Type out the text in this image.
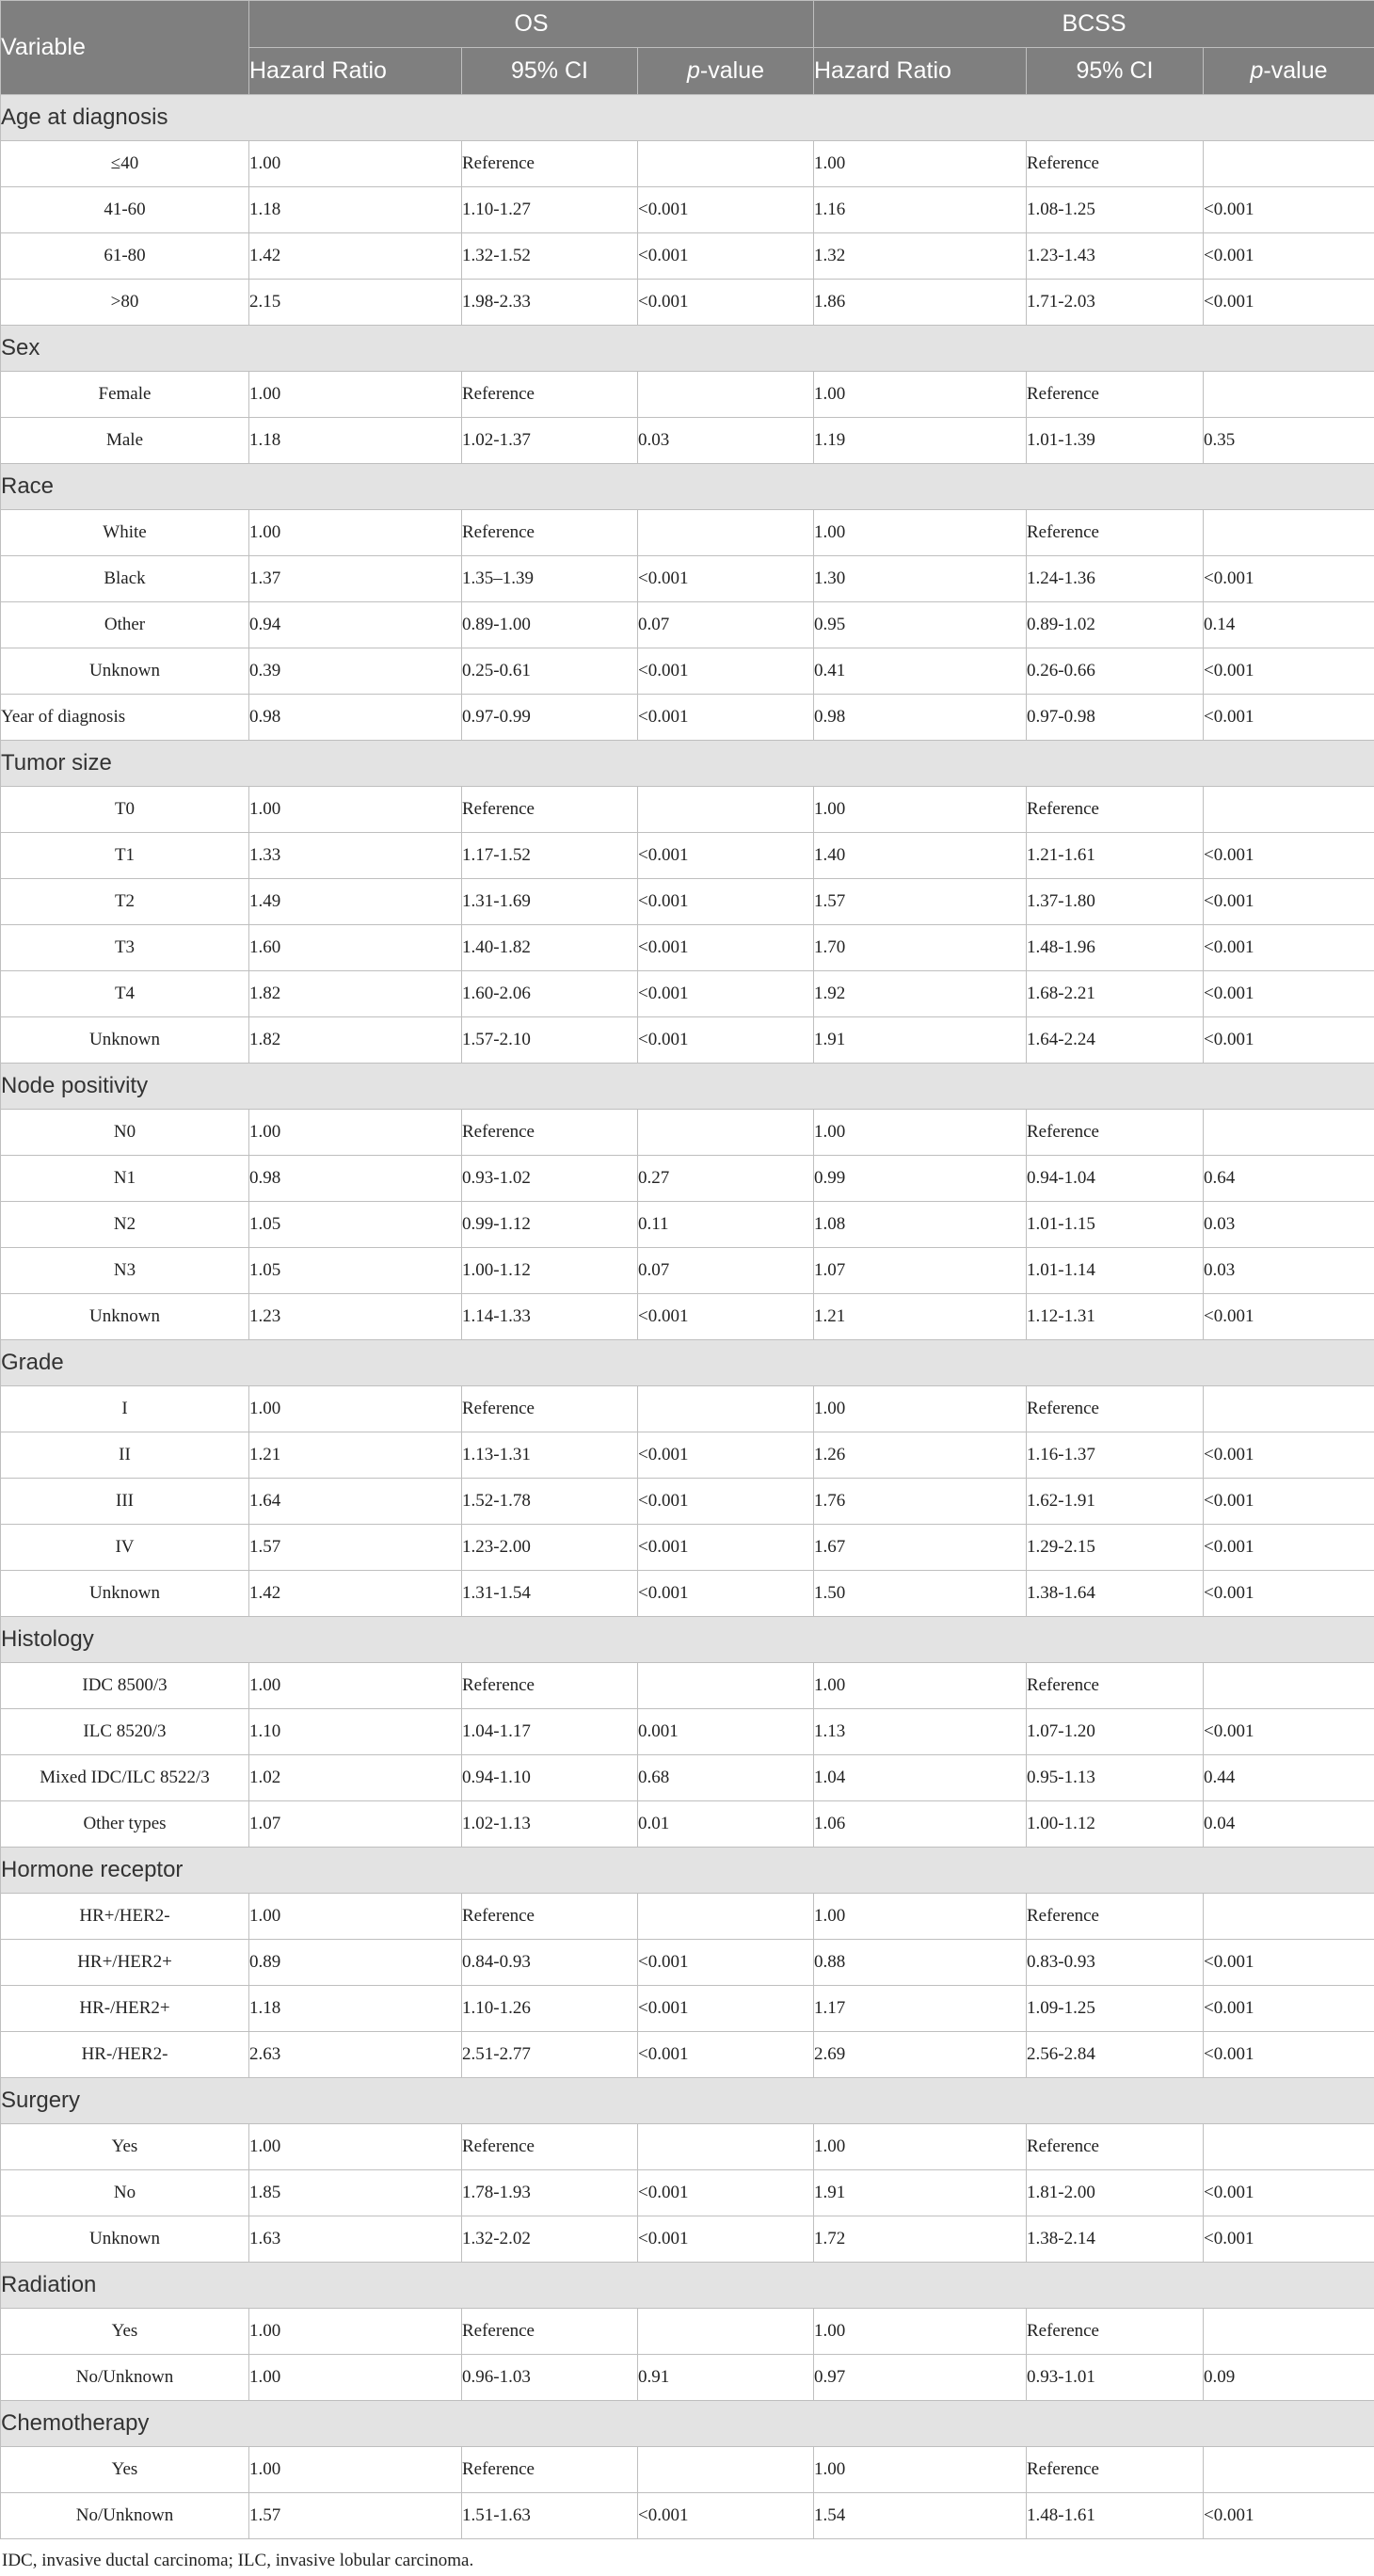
Variable	OS			BCSS		
	Hazard Ratio	95% CI	p-value	Hazard Ratio	95% CI	p-value
Age at diagnosis						
≤40	1.00	Reference		1.00	Reference	
41-60	1.18	1.10-1.27	<0.001	1.16	1.08-1.25	<0.001
61-80	1.42	1.32-1.52	<0.001	1.32	1.23-1.43	<0.001
>80	2.15	1.98-2.33	<0.001	1.86	1.71-2.03	<0.001
Sex						
Female	1.00	Reference		1.00	Reference	
Male	1.18	1.02-1.37	0.03	1.19	1.01-1.39	0.35
Race						
White	1.00	Reference		1.00	Reference	
Black	1.37	1.35–1.39	<0.001	1.30	1.24-1.36	<0.001
Other	0.94	0.89-1.00	0.07	0.95	0.89-1.02	0.14
Unknown	0.39	0.25-0.61	<0.001	0.41	0.26-0.66	<0.001
Year of diagnosis	0.98	0.97-0.99	<0.001	0.98	0.97-0.98	<0.001
Tumor size						
T0	1.00	Reference		1.00	Reference	
T1	1.33	1.17-1.52	<0.001	1.40	1.21-1.61	<0.001
T2	1.49	1.31-1.69	<0.001	1.57	1.37-1.80	<0.001
T3	1.60	1.40-1.82	<0.001	1.70	1.48-1.96	<0.001
T4	1.82	1.60-2.06	<0.001	1.92	1.68-2.21	<0.001
Unknown	1.82	1.57-2.10	<0.001	1.91	1.64-2.24	<0.001
Node positivity						
N0	1.00	Reference		1.00	Reference	
N1	0.98	0.93-1.02	0.27	0.99	0.94-1.04	0.64
N2	1.05	0.99-1.12	0.11	1.08	1.01-1.15	0.03
N3	1.05	1.00-1.12	0.07	1.07	1.01-1.14	0.03
Unknown	1.23	1.14-1.33	<0.001	1.21	1.12-1.31	<0.001
Grade						
I	1.00	Reference		1.00	Reference	
II	1.21	1.13-1.31	<0.001	1.26	1.16-1.37	<0.001
III	1.64	1.52-1.78	<0.001	1.76	1.62-1.91	<0.001
IV	1.57	1.23-2.00	<0.001	1.67	1.29-2.15	<0.001
Unknown	1.42	1.31-1.54	<0.001	1.50	1.38-1.64	<0.001
Histology						
IDC 8500/3	1.00	Reference		1.00	Reference	
ILC 8520/3	1.10	1.04-1.17	0.001	1.13	1.07-1.20	<0.001
Mixed IDC/ILC 8522/3	1.02	0.94-1.10	0.68	1.04	0.95-1.13	0.44
Other types	1.07	1.02-1.13	0.01	1.06	1.00-1.12	0.04
Hormone receptor						
HR+/HER2-	1.00	Reference		1.00	Reference	
HR+/HER2+	0.89	0.84-0.93	<0.001	0.88	0.83-0.93	<0.001
HR-/HER2+	1.18	1.10-1.26	<0.001	1.17	1.09-1.25	<0.001
HR-/HER2-	2.63	2.51-2.77	<0.001	2.69	2.56-2.84	<0.001
Surgery						
Yes	1.00	Reference		1.00	Reference	
No	1.85	1.78-1.93	<0.001	1.91	1.81-2.00	<0.001
Unknown	1.63	1.32-2.02	<0.001	1.72	1.38-2.14	<0.001
Radiation						
Yes	1.00	Reference		1.00	Reference	
No/Unknown	1.00	0.96-1.03	0.91	0.97	0.93-1.01	0.09
Chemotherapy						
Yes	1.00	Reference		1.00	Reference	
No/Unknown	1.57	1.51-1.63	<0.001	1.54	1.48-1.61	<0.001
IDC, invasive ductal carcinoma; ILC, invasive lobular carcinoma.
